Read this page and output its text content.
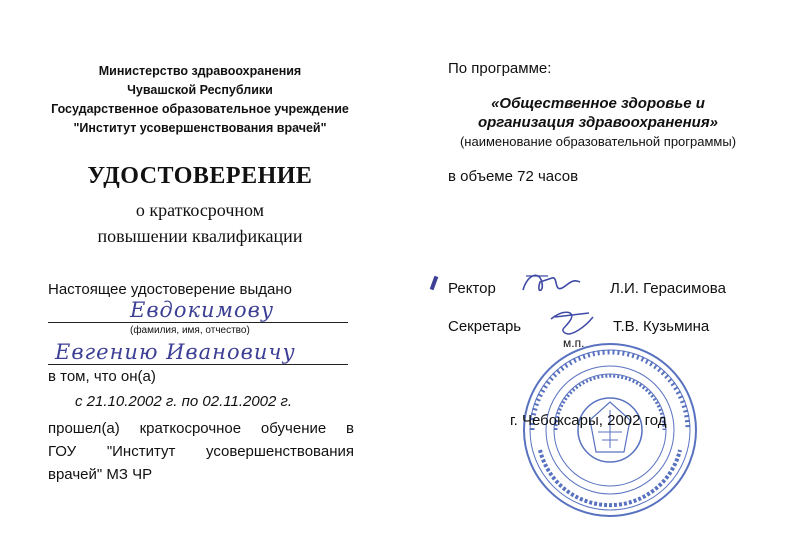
Министерство здравоохранения
Чувашской Республики
Государственное образовательное учреждение
"Институт усовершенствования врачей"
УДОСТОВЕРЕНИЕ
о краткосрочном
повышении квалификации
Настоящее удостоверение выдано
Евдокимову
(фамилия, имя, отчество)
Евгению Ивановичу
в том, что он(а)
с 21.10.2002 г. по 02.11.2002 г.
прошел(а) краткосрочное обучение в
ГОУ "Институт усовершенствования
врачей" МЗ ЧР
По программе:
«Общественное здоровье и
организация здравоохранения»
(наименование образовательной программы)
в объеме 72 часов
Ректор	Л.И. Герасимова
Секретарь	Т.В. Кузьмина
м.п.
г. Чебоксары, 2002 год
